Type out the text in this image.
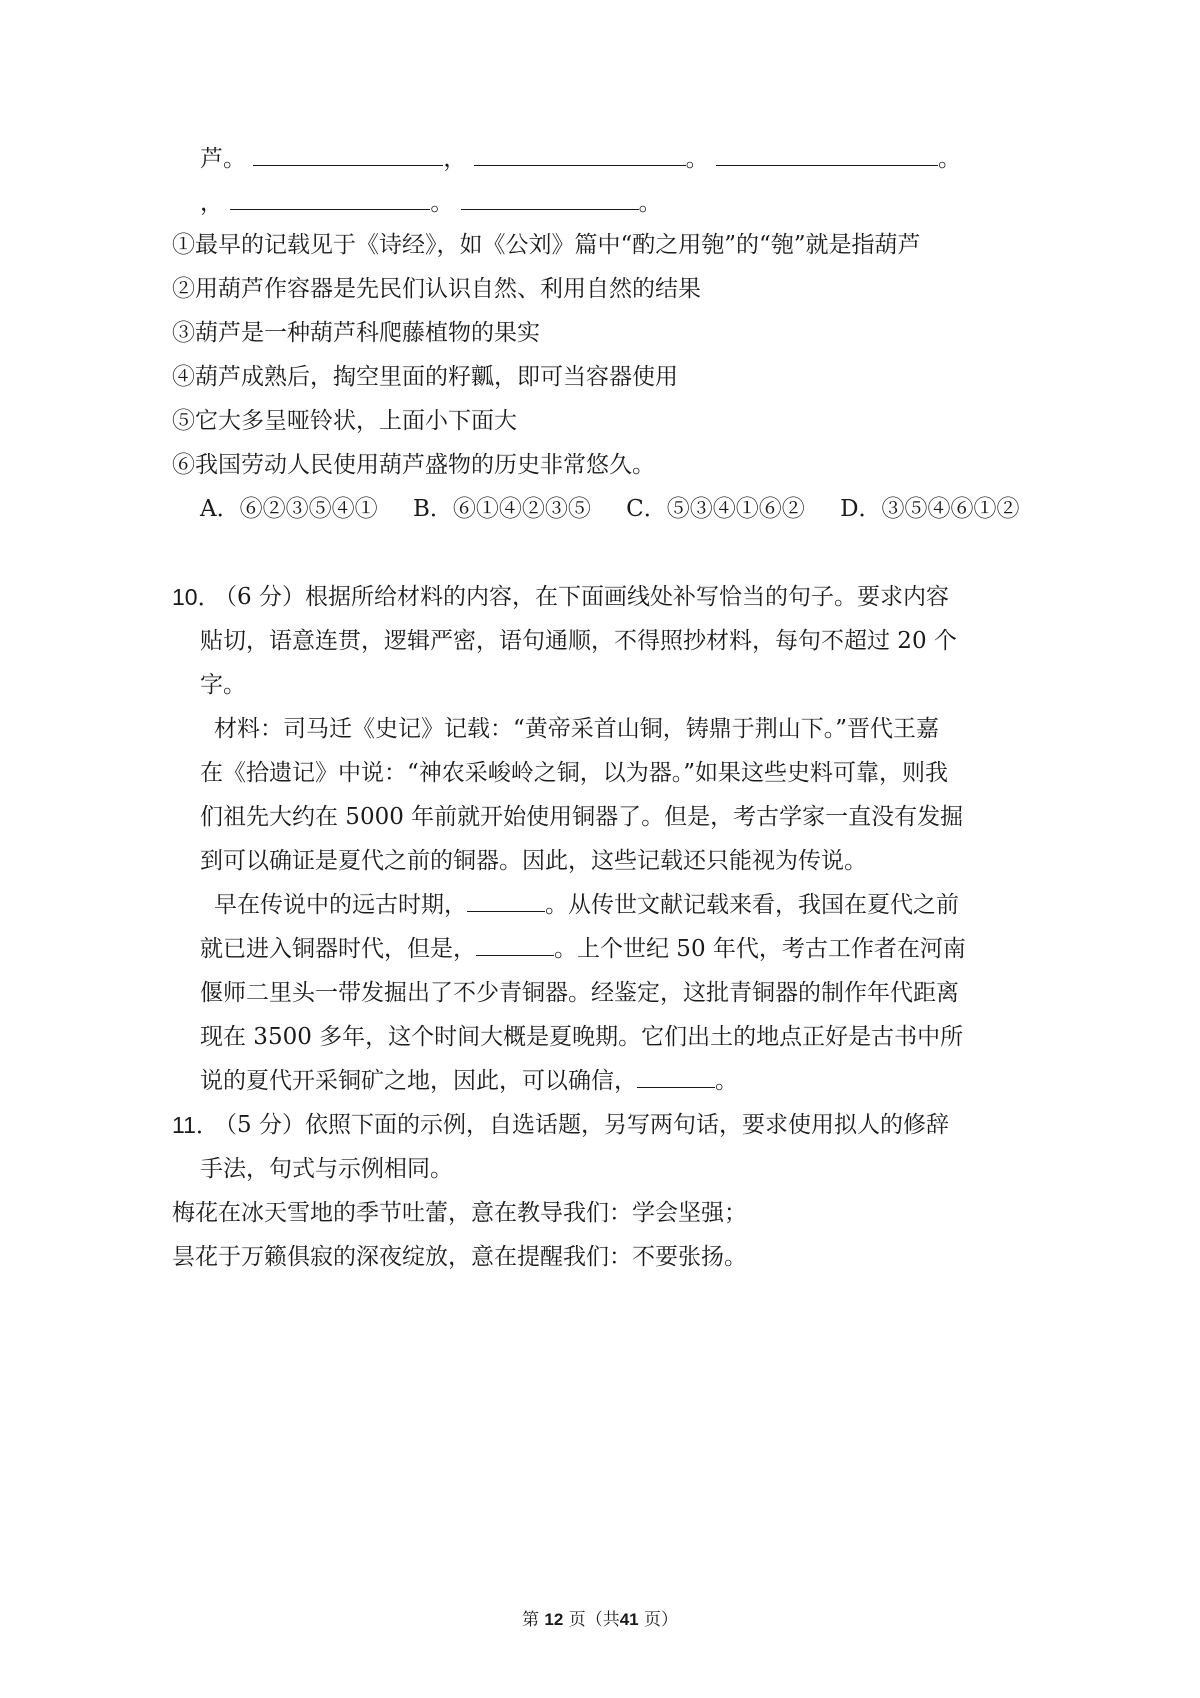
芦。	，	。	。
，	。	。
①最早的记载见于《诗经》，如《公刘》篇中“酌之用匏”的“匏”就是指葫芦
②用葫芦作容器是先民们认识自然、利用自然的结果
③葫芦是一种葫芦科爬藤植物的果实
④葫芦成熟后，掏空里面的籽瓤，即可当容器使用
⑤它大多呈哑铃状，上面小下面大
⑥我国劳动人民使用葫芦盛物的历史非常悠久。
A．⑥②③⑤④① B．⑥①④②③⑤ C．⑤③④①⑥② D．③⑤④⑥①②
10．
（6 分）根据所给材料的内容，在下面画线处补写恰当的句子。要求内容
贴切，语意连贯，逻辑严密，语句通顺，不得照抄材料，每句不超过 20 个
字。
材料：司马迁《史记》记载：“黄帝采首山铜，铸鼎于荆山下。”晋代王嘉
在《拾遗记》中说：“神农采峻岭之铜，以为器。”如果这些史料可靠，则我
们祖先大约在 5000 年前就开始使用铜器了。但是，考古学家一直没有发掘
到可以确证是夏代之前的铜器。因此，这些记载还只能视为传说。
早在传说中的远古时期，	。从传世文献记载来看，我国在夏代之前
就已进入铜器时代，但是，	。上个世纪 50 年代，考古工作者在河南
偃师二里头一带发掘出了不少青铜器。经鉴定，这批青铜器的制作年代距离
现在 3500 多年，这个时间大概是夏晚期。它们出土的地点正好是古书中所
说的夏代开采铜矿之地，因此，可以确信，	。
11．
（5 分）依照下面的示例，自选话题，另写两句话，要求使用拟人的修辞
手法，句式与示例相同。
梅花在冰天雪地的季节吐蕾，意在教导我们：学会坚强；
昙花于万籁俱寂的深夜绽放，意在提醒我们：不要张扬。
第 12 页（共41 页）
